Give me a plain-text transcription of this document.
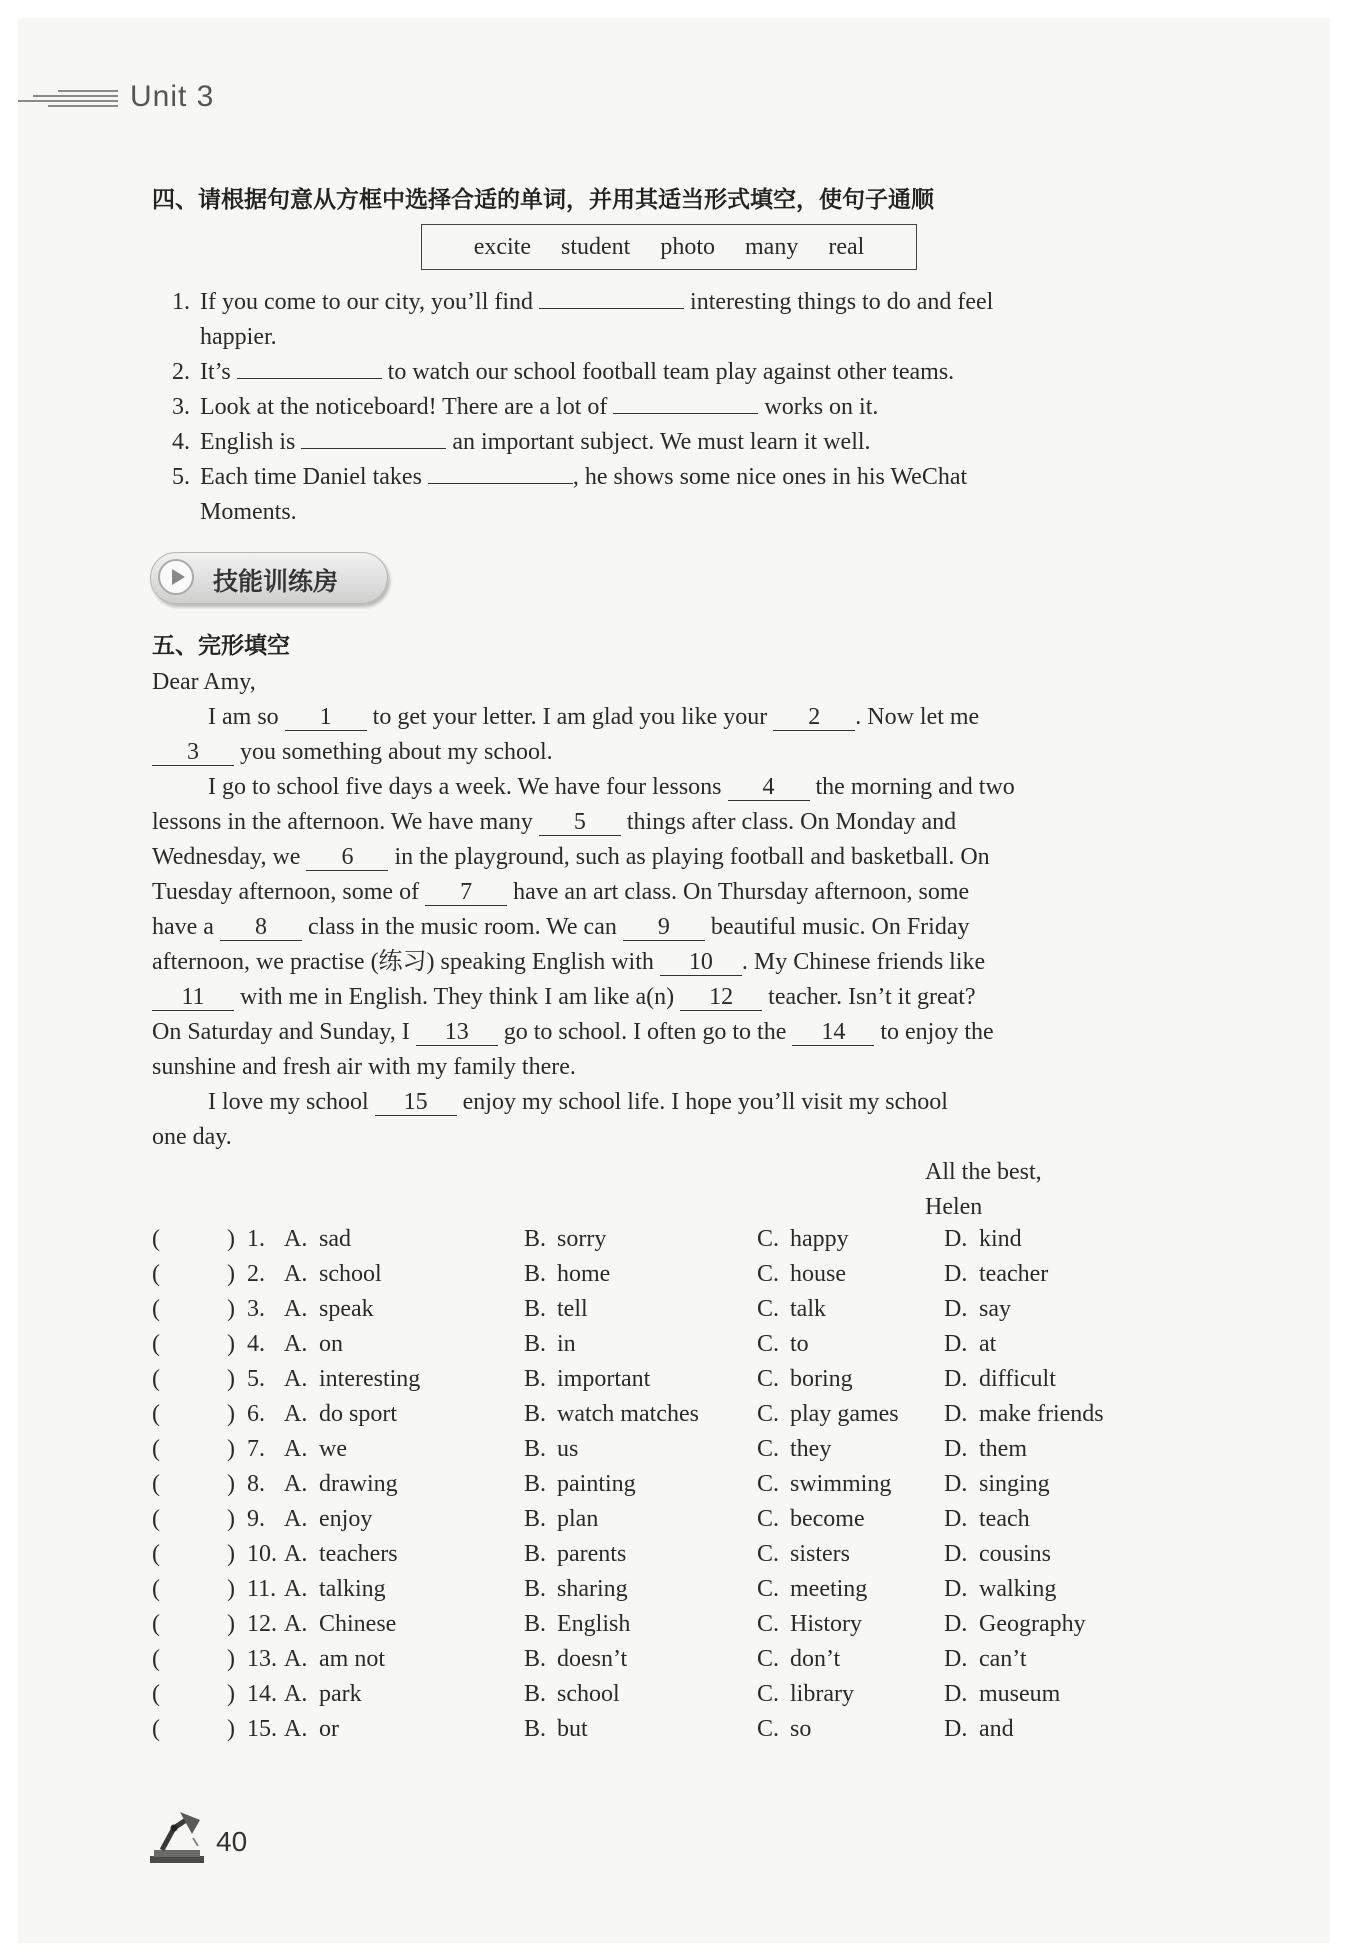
Unit 3
四、请根据句意从方框中选择合适的单词，并用其适当形式填空，使句子通顺
excite student photo many real
1. If you come to our city, you’ll find	interesting things to do and feel
happier.
2. It’s	to watch our school football team play against other teams.
3. Look at the noticeboard! There are a lot of	works on it.
4. English is	an important subject. We must learn it well.
5. Each time Daniel takes	, he shows some nice ones in his WeChat
Moments.
技能训练房
五、完形填空
Dear Amy,
I am so 1 to get your letter. I am glad you like your 2 . Now let me
3 you something about my school.
I go to school five days a week. We have four lessons 4 the morning and two
lessons in the afternoon. We have many 5 things after class. On Monday and
Wednesday, we 6 in the playground, such as playing football and basketball. On
Tuesday afternoon, some of 7 have an art class. On Thursday afternoon, some
have a 8 class in the music room. We can 9 beautiful music. On Friday
afternoon, we practise (练习) speaking English with 10 . My Chinese friends like
11 with me in English. They think I am like a(n) 12 teacher. Isn’t it great?
On Saturday and Sunday, I 13 go to school. I often go to the 14 to enjoy the
sunshine and fresh air with my family there.
I love my school 15 enjoy my school life. I hope you’ll visit my school
one day.
All the best,
Helen
(	) 1. A. sad	B. sorry	C. happy	D. kind
(	) 2. A. school	B. home	C. house	D. teacher
(	) 3. A. speak	B. tell	C. talk	D. say
(	) 4. A. on	B. in	C. to	D. at
(	) 5. A. interesting	B. important	C. boring	D. difficult
(	) 6. A. do sport	B. watch matches C. play games D. make friends
(	) 7. A. we	B. us	C. they	D. them
(	) 8. A. drawing	B. painting	C. swimming D. singing
(	) 9. A. enjoy	B. plan	C. become	D. teach
(	) 10. A. teachers	B. parents	C. sisters	D. cousins
(	) 11. A. talking	B. sharing	C. meeting	D. walking
(	) 12. A. Chinese	B. English	C. History	D. Geography
(	) 13. A. am not	B. doesn’t	C. don’t	D. can’t
(	) 14. A. park	B. school	C. library	D. museum
(	) 15. A. or	B. but	C. so	D. and
40
